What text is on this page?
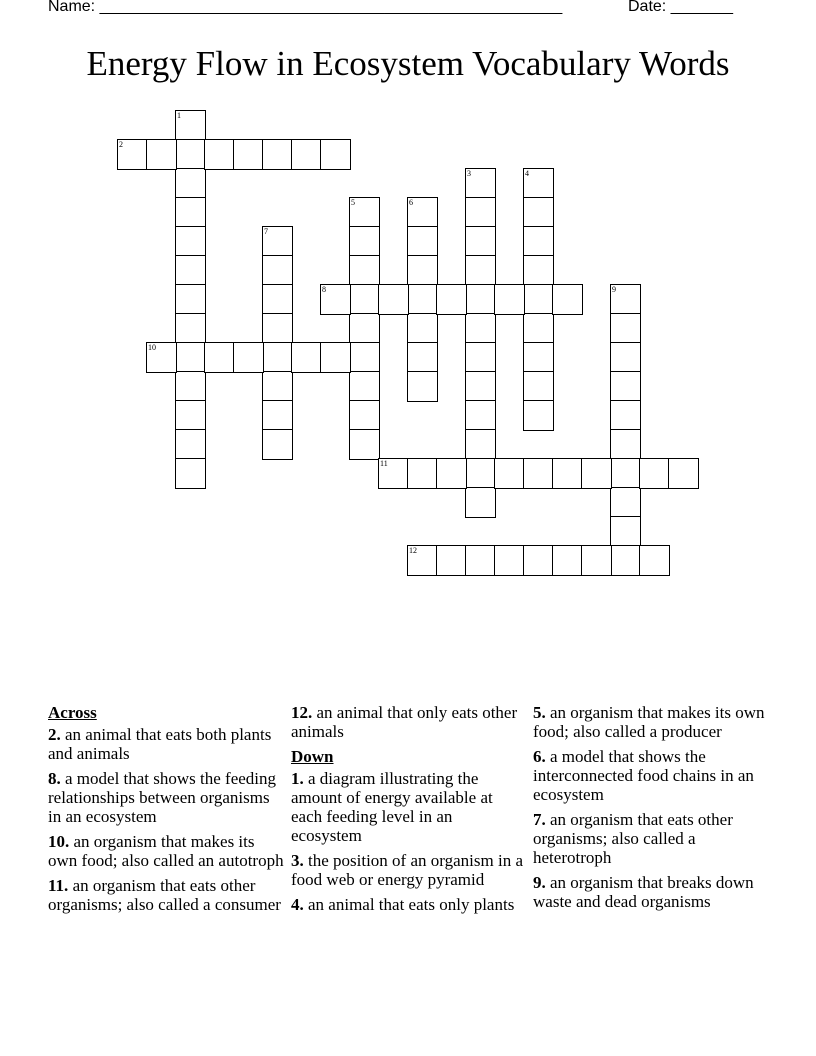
Name: ____________________________________________________	Date: _______
Energy Flow in Ecosystem Vocabulary Words
1
2
3	4
5	6
7
8	9
10
11
12
Across
2. an animal that eats both plants and animals
8. a model that shows the feeding relationships between organisms in an ecosystem
10. an organism that makes its own food; also called an autotroph
11. an organism that eats other organisms; also called a consumer
12. an animal that only eats other animals
Down
1. a diagram illustrating the amount of energy available at each feeding level in an ecosystem
3. the position of an organism in a food web or energy pyramid
4. an animal that eats only plants
5. an organism that makes its own food; also called a producer
6. a model that shows the interconnected food chains in an ecosystem
7. an organism that eats other organisms; also called a heterotroph
9. an organism that breaks down waste and dead organisms
